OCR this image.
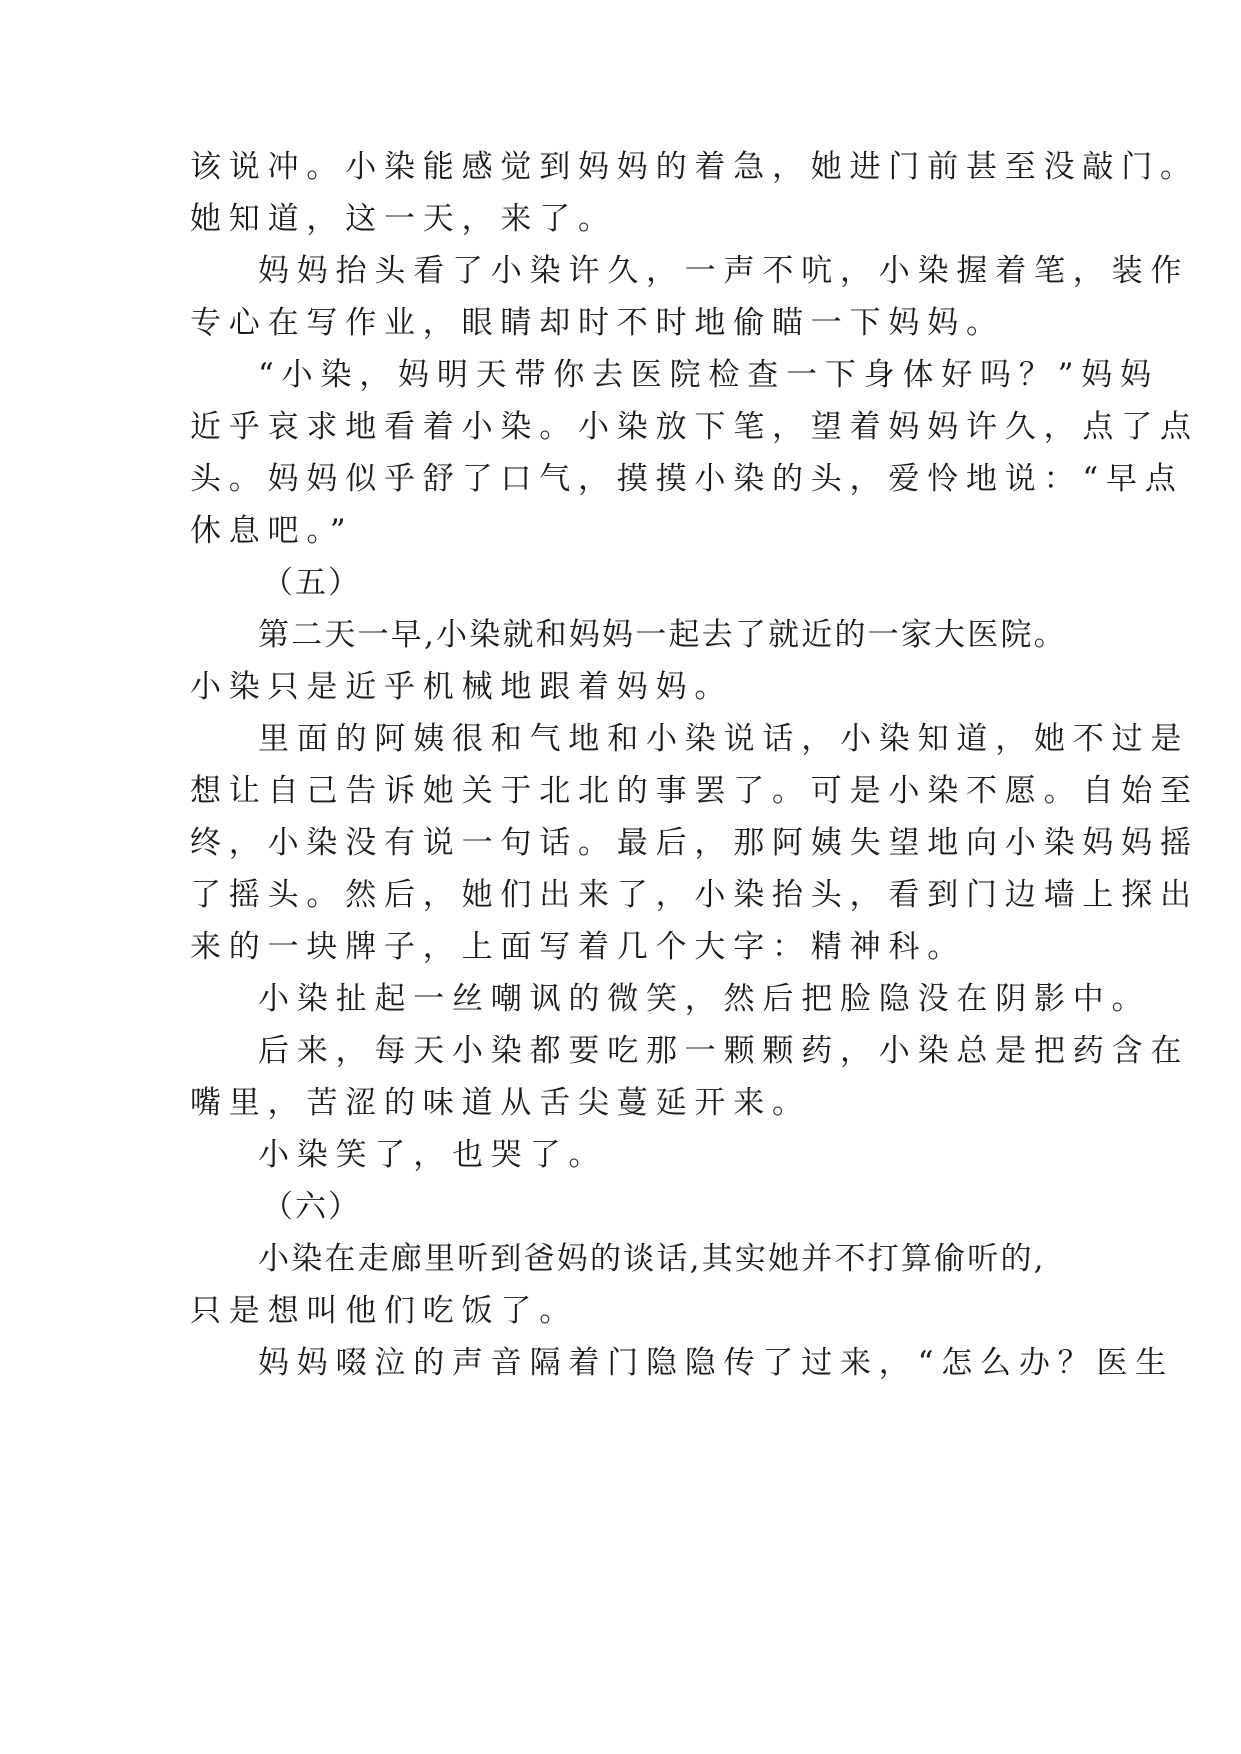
该说冲。小染能感觉到妈妈的着急，她进门前甚至没敲门。
她知道，这一天，来了。
妈妈抬头看了小染许久，一声不吭，小染握着笔，装作
专心在写作业，眼睛却时不时地偷瞄一下妈妈。
“小染，妈明天带你去医院检查一下身体好吗？”妈妈
近乎哀求地看着小染。小染放下笔，望着妈妈许久，点了点
头。妈妈似乎舒了口气，摸摸小染的头，爱怜地说：“早点
休息吧。”
（五）
第二天一早,小染就和妈妈一起去了就近的一家大医院。
小染只是近乎机械地跟着妈妈。
里面的阿姨很和气地和小染说话，小染知道，她不过是
想让自己告诉她关于北北的事罢了。可是小染不愿。自始至
终，小染没有说一句话。最后，那阿姨失望地向小染妈妈摇
了摇头。然后，她们出来了，小染抬头，看到门边墙上探出
来的一块牌子，上面写着几个大字：精神科。
小染扯起一丝嘲讽的微笑，然后把脸隐没在阴影中。
后来，每天小染都要吃那一颗颗药，小染总是把药含在
嘴里，苦涩的味道从舌尖蔓延开来。
小染笑了，也哭了。
（六）
小染在走廊里听到爸妈的谈话,其实她并不打算偷听的,
只是想叫他们吃饭了。
妈妈啜泣的声音隔着门隐隐传了过来，“怎么办？医生
